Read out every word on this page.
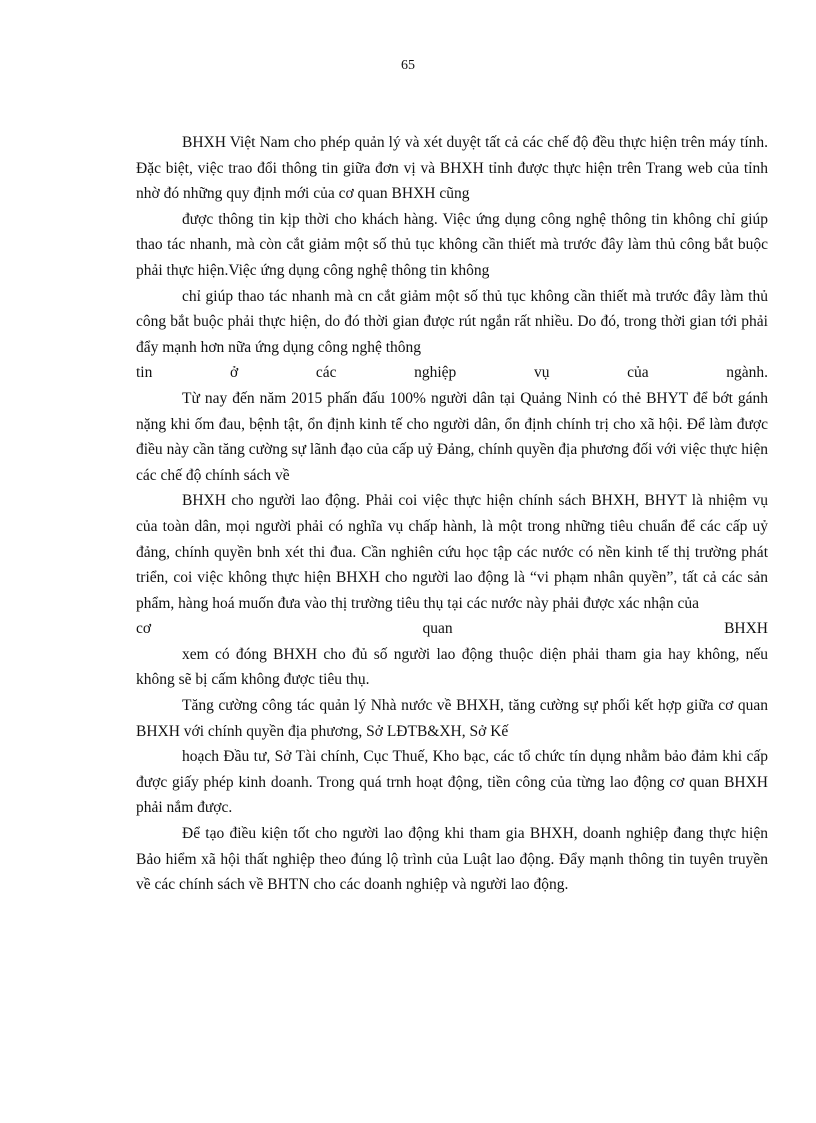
65

BHXH Việt Nam cho phép quản lý và xét duyệt tất cả các chế độ đều thực hiện trên máy tính. Đặc biệt, việc trao đổi thông tin giữa đơn vị và BHXH tỉnh được thực hiện trên Trang web của tỉnh nhờ đó những quy định mới của cơ quan BHXH cũng

được thông tin kịp thời cho khách hàng. Việc ứng dụng công nghệ thông tin không chỉ giúp thao tác nhanh, mà còn cắt giảm một số thủ tục không cần thiết mà trước đây làm thủ công bắt buộc phải thực hiện.Việc ứng dụng công nghệ thông tin không

chỉ giúp thao tác nhanh mà cn cắt giảm một số thủ tục không cần thiết mà trước đây làm thủ công bắt buộc phải thực hiện, do đó thời gian được rút ngắn rất nhiều. Do đó, trong thời gian tới phải đẩy mạnh hơn nữa ứng dụng công nghệ thông

tin ở các nghiệp vụ của ngành.

Từ nay đến năm 2015 phấn đấu 100% người dân tại Quảng Ninh có thẻ BHYT để bớt gánh nặng khi ốm đau, bệnh tật, ổn định kinh tế cho người dân, ổn định chính trị cho xã hội. Để làm được điều này cần tăng cường sự lãnh đạo của cấp uỷ Đảng, chính quyền địa phương đối với việc thực hiện các chế độ chính sách về

BHXH cho người lao động. Phải coi việc thực hiện chính sách BHXH, BHYT là nhiệm vụ của toàn dân, mọi người phải có nghĩa vụ chấp hành, là một trong những tiêu chuẩn để các cấp uỷ đảng, chính quyền bnh xét thi đua. Cần nghiên cứu học tập các nước có nền kinh tế thị trường phát triển, coi việc không thực hiện BHXH cho người lao động là “vi phạm nhân quyền”, tất cả các sản phẩm, hàng hoá muốn đưa vào thị trường tiêu thụ tại các nước này phải được xác nhận của

cơ quan BHXH

xem có đóng BHXH cho đủ số người lao động thuộc diện phải tham gia hay không, nếu không sẽ bị cấm không được tiêu thụ.

Tăng cường công tác quản lý Nhà nước về BHXH, tăng cường sự phối kết hợp giữa cơ quan BHXH với chính quyền địa phương, Sở LĐTB&XH, Sở Kế

hoạch Đầu tư, Sở Tài chính, Cục Thuế, Kho bạc, các tổ chức tín dụng nhằm bảo đảm khi cấp được giấy phép kinh doanh. Trong quá trnh hoạt động, tiền công của từng lao động cơ quan BHXH phải nắm được.

Để tạo điều kiện tốt cho người lao động khi tham gia BHXH, doanh nghiệp đang thực hiện Bảo hiểm xã hội thất nghiệp theo đúng lộ trình của Luật lao động. Đẩy mạnh thông tin tuyên truyền về các chính sách về BHTN cho các doanh nghiệp và người lao động.
